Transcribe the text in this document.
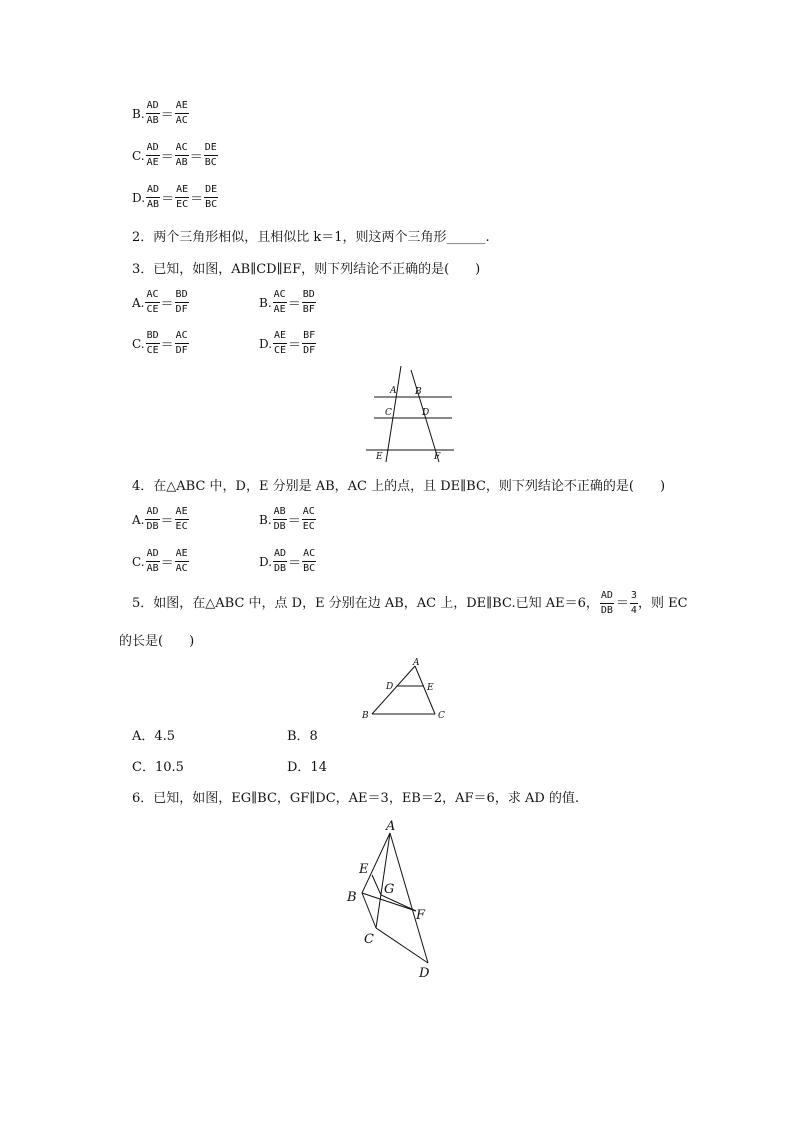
B. $\frac{AD}{AB} = \frac{AE}{AC}$
C. $\frac{AD}{AE} = \frac{AC}{AB} = \frac{DE}{BC}$
D. $\frac{AD}{AB} = \frac{AE}{EC} = \frac{DE}{BC}$
2．两个三角形相似，且相似比 k＝1，则这两个三角形______.
3．已知，如图，AB∥CD∥EF，则下列结论不正确的是(　　)
A. $\frac{AC}{CE} = \frac{BD}{DF}$	B. $\frac{AC}{AE} = \frac{BD}{BF}$
C. $\frac{BD}{CE} = \frac{AC}{DF}$	D. $\frac{AE}{CE} = \frac{BF}{DF}$
A B
C	D
E	F
4．在△ABC 中，D，E 分别是 AB，AC 上的点，且 DE∥BC，则下列结论不正确的是(　　)
A. $\frac{AD}{DB} = \frac{AE}{EC}$	B. $\frac{AB}{DB} = \frac{AC}{EC}$
C. $\frac{AD}{AB} = \frac{AE}{AC}$	D. $\frac{AD}{DB} = \frac{AC}{BC}$
5．如图，在△ABC 中，点 D，E 分别在边 AB，AC 上，DE∥BC.已知 AE＝6， $\frac{AD}{DB} = \frac{3}{4}$ ，则 EC
的长是(　　)
A
D	E
B	C
A．4.5	B．8
C．10.5	D．14
6．已知，如图，EG∥BC，GF∥DC，AE＝3，EB＝2，AF＝6，求 AD 的值.
A
E
G
B
F
C
D
